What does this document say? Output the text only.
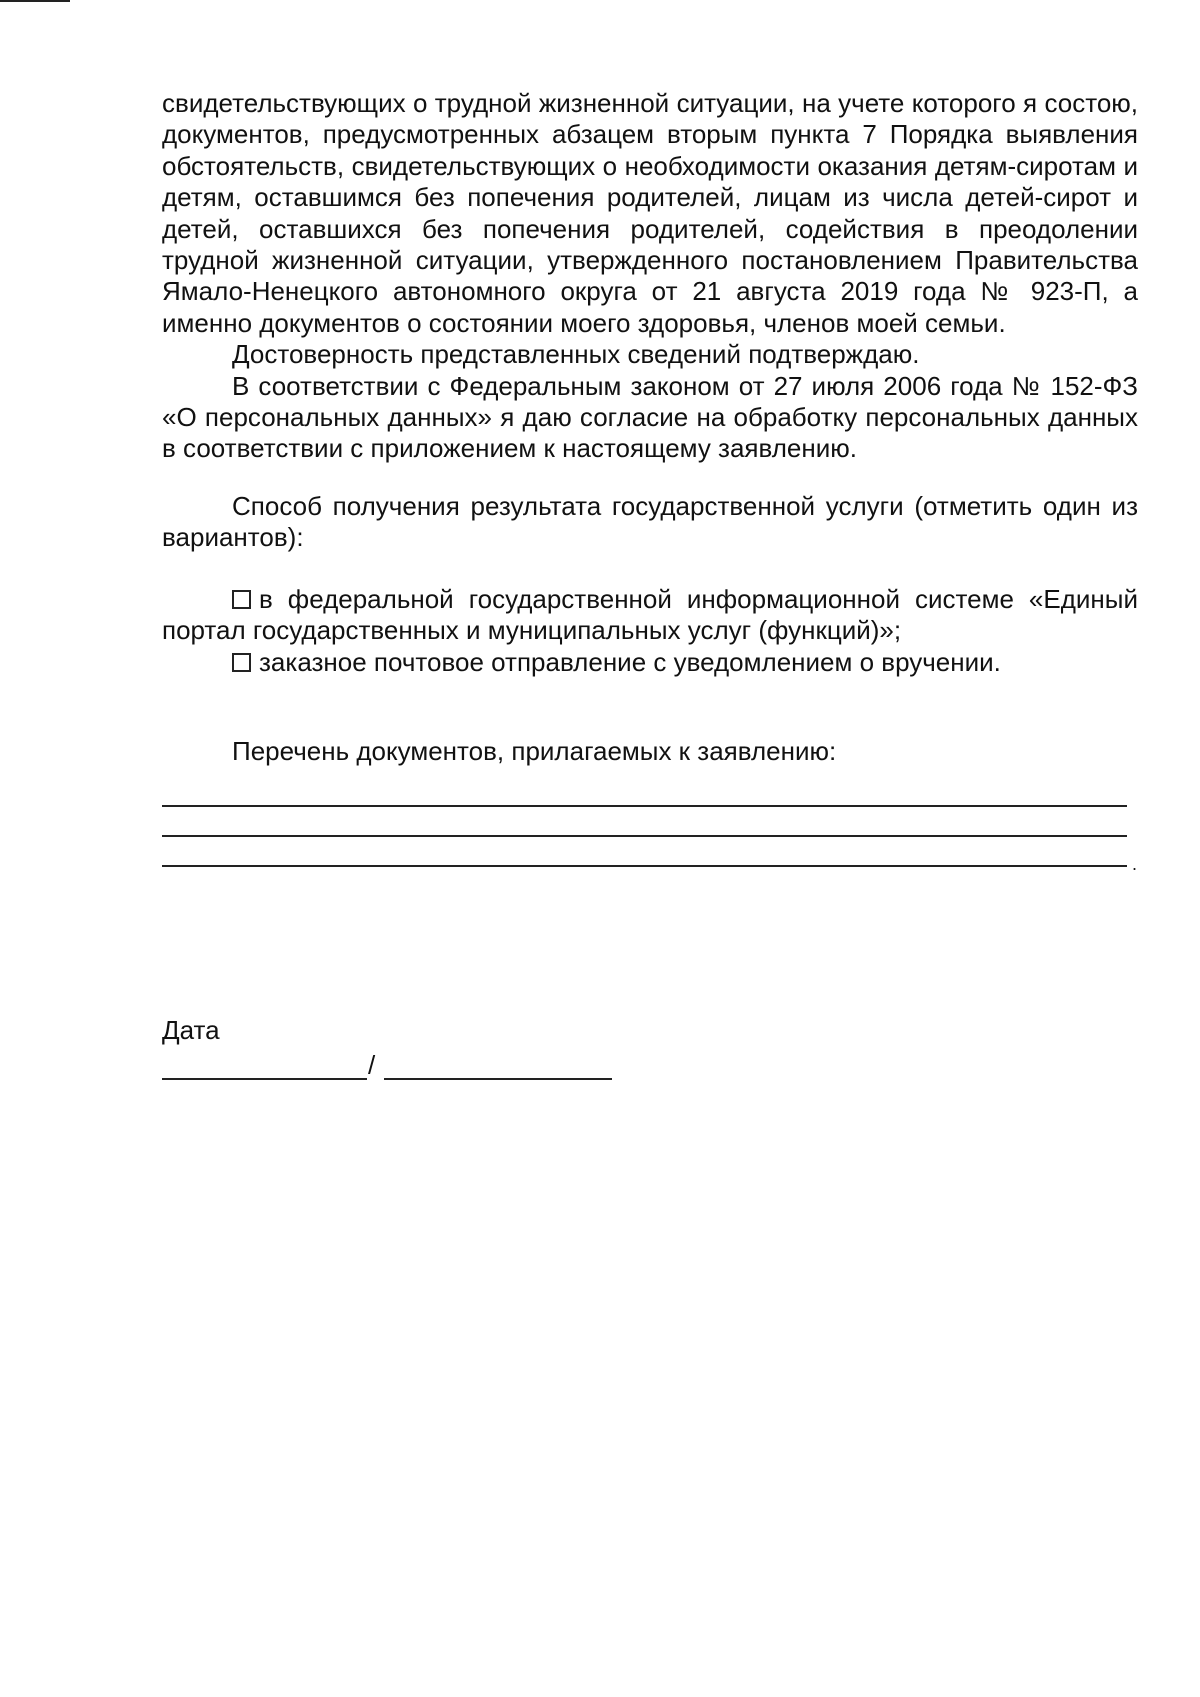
свидетельствующих о трудной жизненной ситуации, на учете которого я состою, документов, предусмотренных абзацем вторым пункта 7 Порядка выявления обстоятельств, свидетельствующих о необходимости оказания детям-сиротам и детям, оставшимся без попечения родителей, лицам из числа детей-сирот и детей, оставшихся без попечения родителей, содействия в преодолении трудной жизненной ситуации, утвержденного постановлением Правительства Ямало-Ненецкого автономного округа от 21 августа 2019 года № 923-П, а именно документов о состоянии моего здоровья, членов моей семьи.

Достоверность представленных сведений подтверждаю.

В соответствии с Федеральным законом от 27 июля 2006 года № 152-ФЗ «О персональных данных» я даю согласие на обработку персональных данных в соответствии с приложением к настоящему заявлению.

Способ получения результата государственной услуги (отметить один из вариантов):

в федеральной государственной информационной системе «Единый портал государственных и муниципальных услуг (функций)»;

заказное почтовое отправление с уведомлением о вручении.

Перечень документов, прилагаемых к заявлению:

.
Дата
/
